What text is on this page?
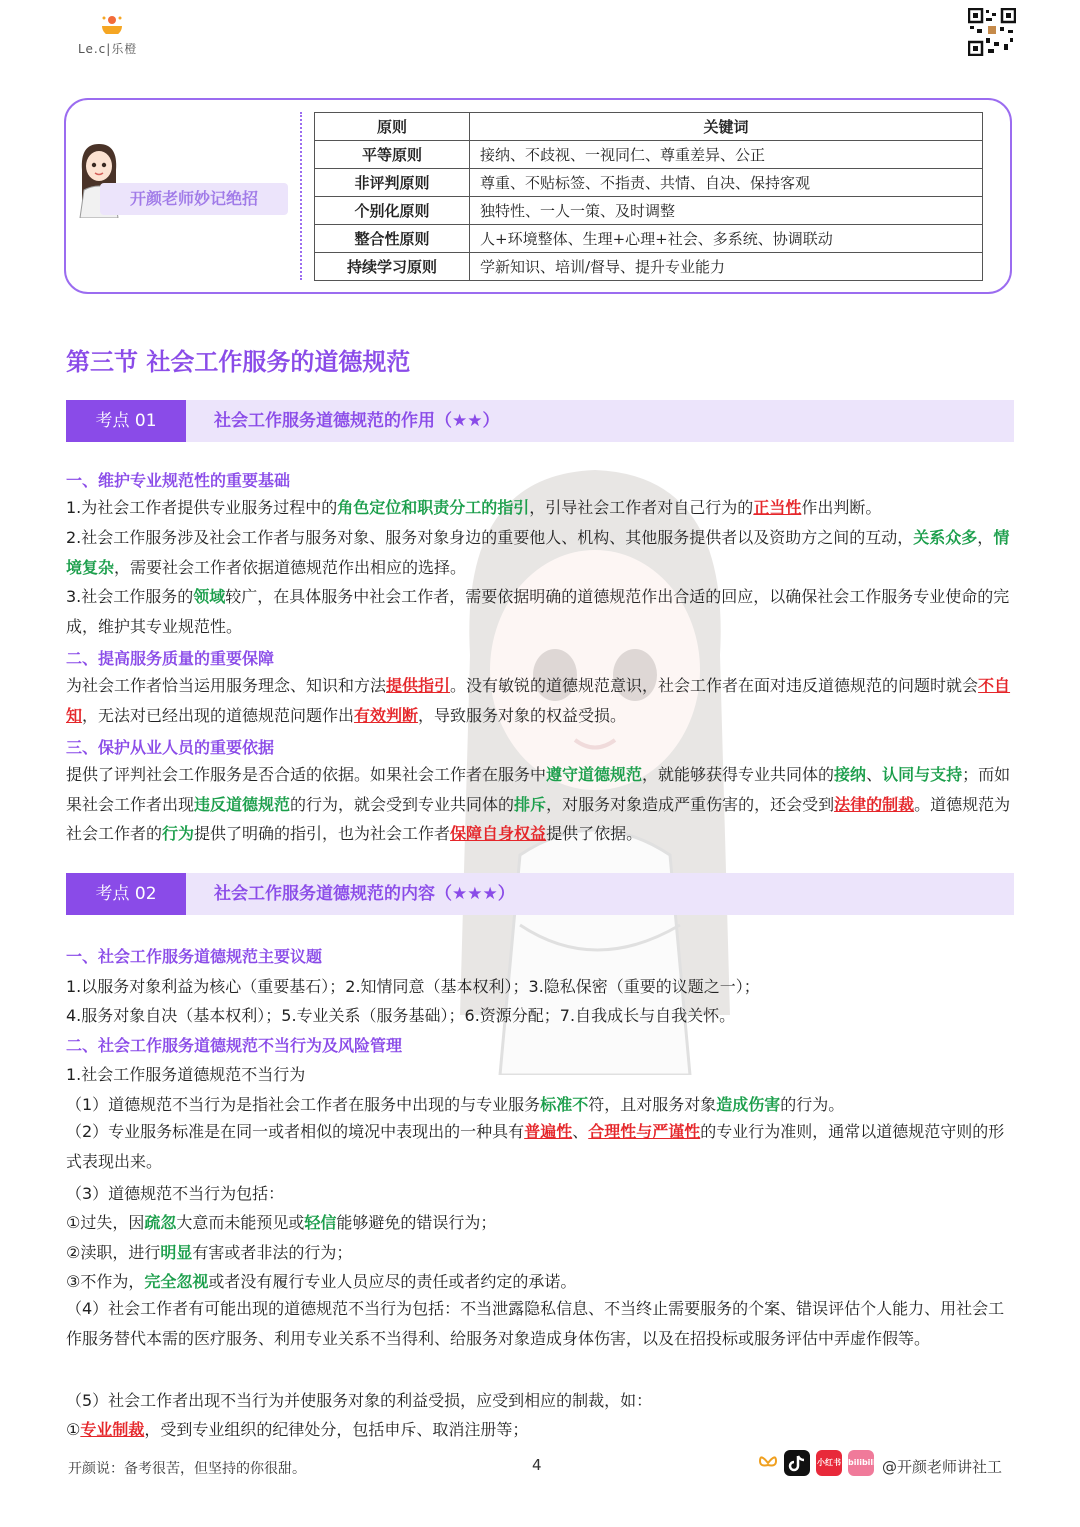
Le.c|乐橙
开颜老师妙记绝招
原则	关键词
平等原则	接纳、不歧视、一视同仁、尊重差异、公正
非评判原则	尊重、不贴标签、不指责、共情、自决、保持客观
个别化原则	独特性、一人一策、及时调整
整合性原则	人+环境整体、生理+心理+社会、多系统、协调联动
持续学习原则	学新知识、培训/督导、提升专业能力
第三节 社会工作服务的道德规范
考点 01	社会工作服务道德规范的作用（★★）
一、维护专业规范性的重要基础
1.为社会工作者提供专业服务过程中的角色定位和职责分工的指引，引导社会工作者对自己行为的正当性作出判断。
2.社会工作服务涉及社会工作者与服务对象、服务对象身边的重要他人、机构、其他服务提供者以及资助方之间的互动，关系众多，情境复杂，需要社会工作者依据道德规范作出相应的选择。
3.社会工作服务的领域较广，在具体服务中社会工作者，需要依据明确的道德规范作出合适的回应，以确保社会工作服务专业使命的完成，维护其专业规范性。
二、提高服务质量的重要保障
为社会工作者恰当运用服务理念、知识和方法提供指引。没有敏锐的道德规范意识，社会工作者在面对违反道德规范的问题时就会不自知，无法对已经出现的道德规范问题作出有效判断，导致服务对象的权益受损。
三、保护从业人员的重要依据
提供了评判社会工作服务是否合适的依据。如果社会工作者在服务中遵守道德规范，就能够获得专业共同体的接纳、认同与支持；而如果社会工作者出现违反道德规范的行为，就会受到专业共同体的排斥，对服务对象造成严重伤害的，还会受到法律的制裁。道德规范为社会工作者的行为提供了明确的指引，也为社会工作者保障自身权益提供了依据。
考点 02	社会工作服务道德规范的内容（★★★）
一、社会工作服务道德规范主要议题
1.以服务对象利益为核心（重要基石）；2.知情同意（基本权利）；3.隐私保密（重要的议题之一）；
4.服务对象自决（基本权利）；5.专业关系（服务基础）；6.资源分配；7.自我成长与自我关怀。
二、社会工作服务道德规范不当行为及风险管理
1.社会工作服务道德规范不当行为
（1）道德规范不当行为是指社会工作者在服务中出现的与专业服务标准不符，且对服务对象造成伤害的行为。
（2）专业服务标准是在同一或者相似的境况中表现出的一种具有普遍性、合理性与严谨性的专业行为准则，通常以道德规范守则的形式表现出来。
（3）道德规范不当行为包括：
①过失，因疏忽大意而未能预见或轻信能够避免的错误行为；
②渎职，进行明显有害或者非法的行为；
③不作为，完全忽视或者没有履行专业人员应尽的责任或者约定的承诺。
（4）社会工作者有可能出现的道德规范不当行为包括：不当泄露隐私信息、不当终止需要服务的个案、错误评估个人能力、用社会工作服务替代本需的医疗服务、利用专业关系不当得利、给服务对象造成身体伤害，以及在招投标或服务评估中弄虚作假等。
（5）社会工作者出现不当行为并使服务对象的利益受损，应受到相应的制裁，如：
①专业制裁，受到专业组织的纪律处分，包括申斥、取消注册等；
开颜说：备考很苦，但坚持的你很甜。	4	小红书 bilibili @开颜老师讲社工
